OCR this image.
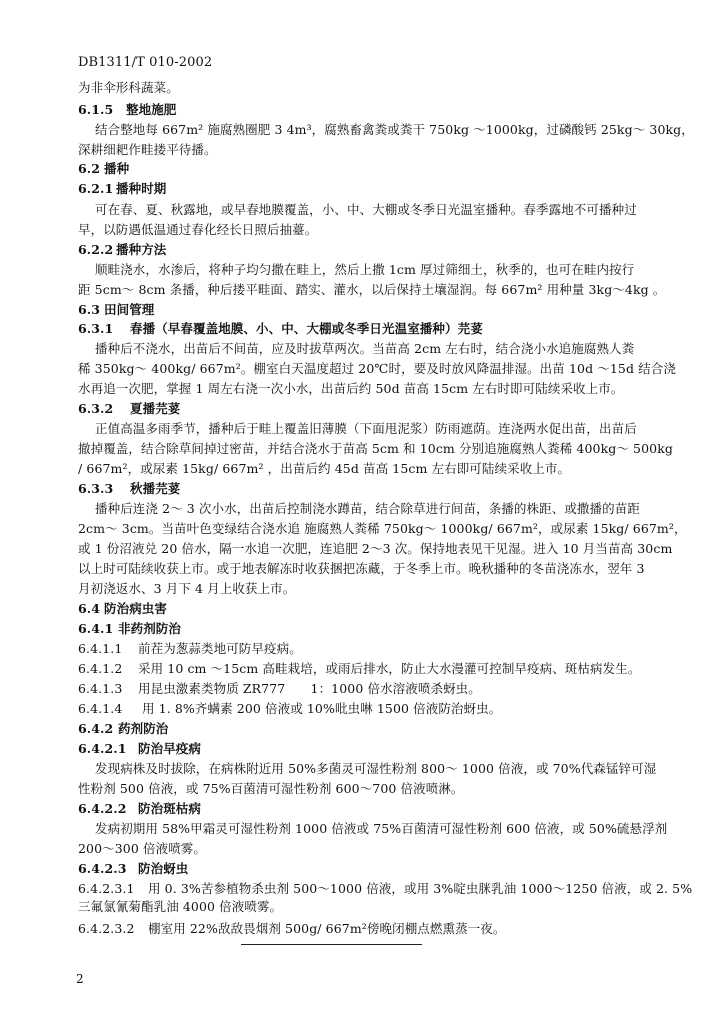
DB1311/T 010-2002
为非伞形科蔬菜。
6.1.5 整地施肥
结合整地每 667m² 施腐熟圈肥 3 4m³，腐熟畜禽粪或粪干 750kg ～1000kg，过磷酸钙 25kg～ 30kg，
深耕细耙作畦搂平待播。
6.2 播种
6.2.1 播种时期
可在春、夏、秋露地，或早春地膜覆盖，小、中、大棚或冬季日光温室播种。春季露地不可播种过
早，以防遇低温通过春化经长日照后抽薹。
6.2.2 播种方法
顺畦浇水，水渗后，将种子均匀撒在畦上，然后上撒 1cm 厚过筛细土，秋季的，也可在畦内按行
距 5cm～ 8cm 条播，种后搂平畦面、踏实、灌水，以后保持土壤湿润。每 667m² 用种量 3kg～4kg 。
6.3 田间管理
6.3.1 春播（早春覆盖地膜、小、中、大棚或冬季日光温室播种）芫荽
播种后不浇水，出苗后不间苗，应及时拔草两次。当苗高 2cm 左右时，结合浇小水追施腐熟人粪
稀 350kg～ 400kg/ 667m²。棚室白天温度超过 20℃时，要及时放风降温排湿。出苗 10d ～15d 结合浇
水再追一次肥，掌握 1 周左右浇一次小水，出苗后约 50d 苗高 15cm 左右时即可陆续采收上市。
6.3.2 夏播芫荽
正值高温多雨季节，播种后于畦上覆盖旧薄膜（下面甩泥浆）防雨遮荫。连浇两水促出苗，出苗后
撤掉覆盖，结合除草间掉过密苗，并结合浇水于苗高 5cm 和 10cm 分别追施腐熟人粪稀 400kg～ 500kg
/ 667m²，或尿素 15kg/ 667m² ，出苗后约 45d 苗高 15cm 左右即可陆续采收上市。
6.3.3 秋播芫荽
播种后连浇 2～ 3 次小水，出苗后控制浇水蹲苗，结合除草进行间苗，条播的株距、或撒播的苗距
2cm～ 3cm。当苗叶色变绿结合浇水追 施腐熟人粪稀 750kg～ 1000kg/ 667m²，或尿素 15kg/ 667m²，
或 1 份沼液兑 20 倍水，隔一水追一次肥，连追肥 2～3 次。保持地表见干见湿。进入 10 月当苗高 30cm
以上时可陆续收获上市。或于地表解冻时收获捆把冻藏，于冬季上市。晚秋播种的冬苗浇冻水，翌年 3
月初浇返水、3 月下 4 月上收获上市。
6.4 防治病虫害
6.4.1 非药剂防治
6.4.1.1 前茬为葱蒜类地可防早疫病。
6.4.1.2 采用 10 cm ～15cm 高畦栽培，或雨后排水，防止大水漫灌可控制早疫病、斑枯病发生。
6.4.1.3 用昆虫激素类物质 ZR777　　1：1000 倍水溶液喷杀蚜虫。
6.4.1.4 用 1. 8%齐螨素 200 倍液或 10%吡虫啉 1500 倍液防治蚜虫。
6.4.2 药剂防治
6.4.2.1 防治早疫病
发现病株及时拔除，在病株附近用 50%多菌灵可湿性粉剂 800～ 1000 倍液，或 70%代森锰锌可湿
性粉剂 500 倍液，或 75%百菌清可湿性粉剂 600～700 倍液喷淋。
6.4.2.2 防治斑枯病
发病初期用 58%甲霜灵可湿性粉剂 1000 倍液或 75%百菌清可湿性粉剂 600 倍液，或 50%硫悬浮剂
200～300 倍液喷雾。
6.4.2.3 防治蚜虫
6.4.2.3.1 用 0. 3%苦参植物杀虫剂 500～1000 倍液，或用 3%啶虫脒乳油 1000～1250 倍液，或 2. 5%
三氟氯氰菊酯乳油 4000 倍液喷雾。
6.4.2.3.2 棚室用 22%敌敌畏烟剂 500g/ 667m²傍晚闭棚点燃熏蒸一夜。
2
